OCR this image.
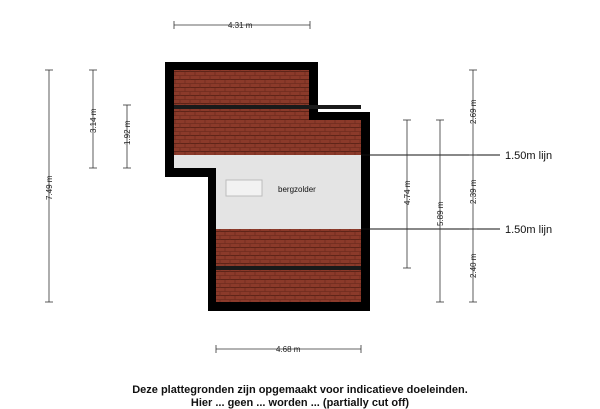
bergzolder
1.50m lijn
1.50m lijn
4.31 m
4.68 m
7.49 m
3.14 m	1.92 m
4.74 m
5.89 m
2.69 m
2.39 m
2.40 m
Deze plattegronden zijn opgemaakt voor indicatieve doeleinden.
Hier ... geen ... worden ... (partially cut off)
